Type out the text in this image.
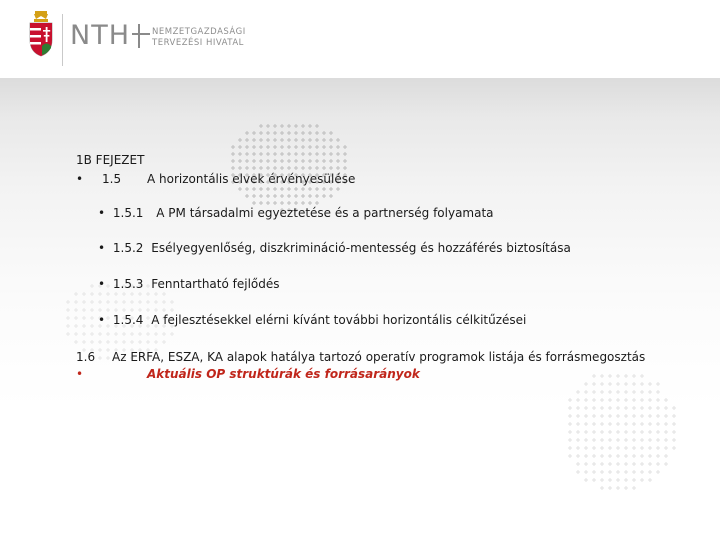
NTH	NEMZETGAZDASÁGI
TERVEZÉSI HIVATAL
1B FEJEZET
• 1.5 A horizontális elvek érvényesülése
• 1.5.1 A PM társadalmi egyeztetése és a partnerség folyamata
• 1.5.2 Esélyegyenlőség, diszkrimináció-mentesség és hozzáférés biztosítása
• 1.5.3 Fenntartható fejlődés
• 1.5.4 A fejlesztésekkel elérni kívánt további horizontális célkitűzései
1.6 Az ERFA, ESZA, KA alapok hatálya tartozó operatív programok listája és forrásmegosztás
•	Aktuális OP struktúrák és forrásarányok
